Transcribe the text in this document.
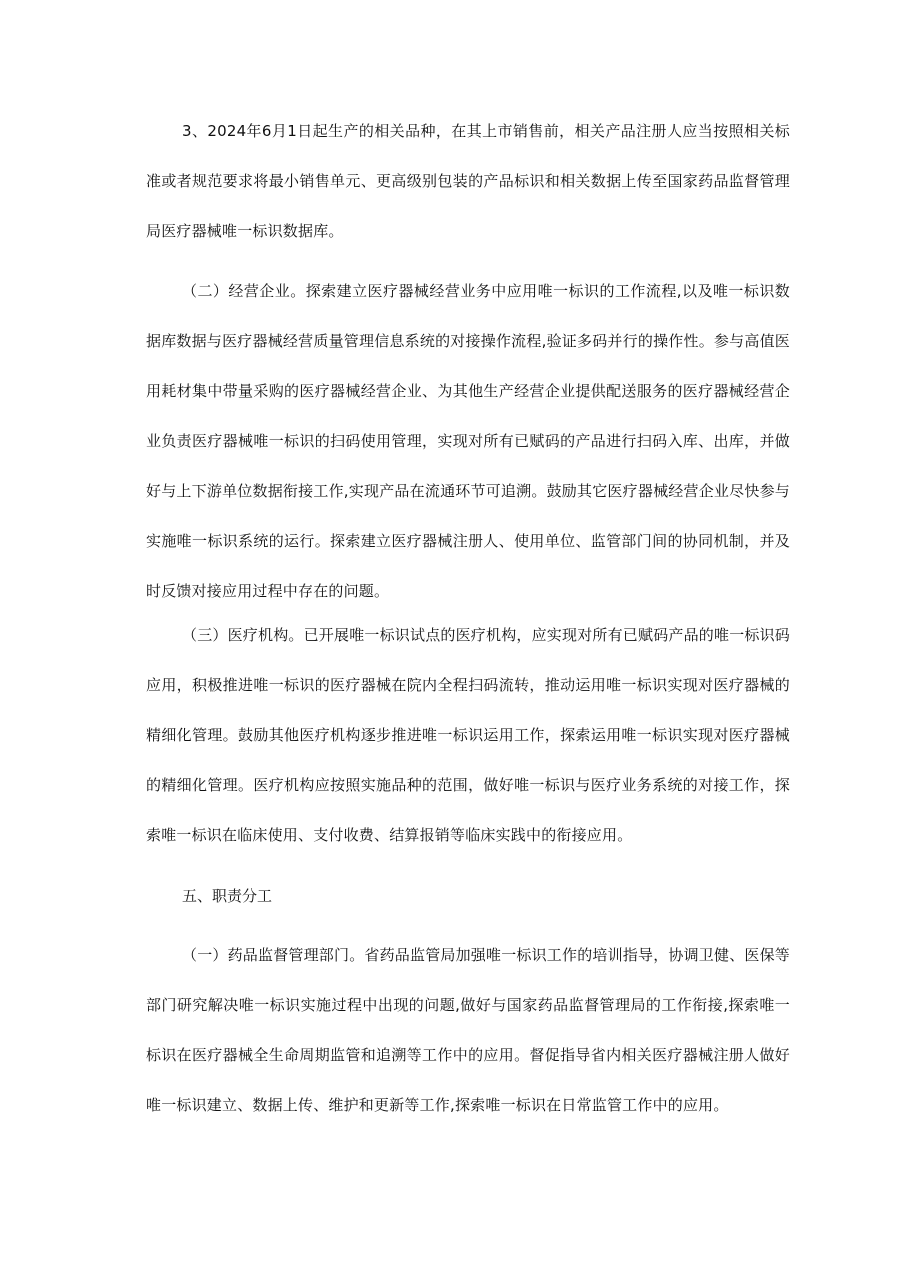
3、2024年6月1日起生产的相关品种，在其上市销售前，相关产品注册人应当按照相关标准或者规范要求将最小销售单元、更高级别包装的产品标识和相关数据上传至国家药品监督管理局医疗器械唯一标识数据库。

（二）经营企业。探索建立医疗器械经营业务中应用唯一标识的工作流程,以及唯一标识数据库数据与医疗器械经营质量管理信息系统的对接操作流程,验证多码并行的操作性。参与高值医用耗材集中带量采购的医疗器械经营企业、为其他生产经营企业提供配送服务的医疗器械经营企业负责医疗器械唯一标识的扫码使用管理，实现对所有已赋码的产品进行扫码入库、出库，并做好与上下游单位数据衔接工作,实现产品在流通环节可追溯。鼓励其它医疗器械经营企业尽快参与实施唯一标识系统的运行。探索建立医疗器械注册人、使用单位、监管部门间的协同机制，并及时反馈对接应用过程中存在的问题。

（三）医疗机构。已开展唯一标识试点的医疗机构，应实现对所有已赋码产品的唯一标识码应用，积极推进唯一标识的医疗器械在院内全程扫码流转，推动运用唯一标识实现对医疗器械的精细化管理。鼓励其他医疗机构逐步推进唯一标识运用工作，探索运用唯一标识实现对医疗器械的精细化管理。医疗机构应按照实施品种的范围，做好唯一标识与医疗业务系统的对接工作，探索唯一标识在临床使用、支付收费、结算报销等临床实践中的衔接应用。

五、职责分工

（一）药品监督管理部门。省药品监管局加强唯一标识工作的培训指导，协调卫健、医保等部门研究解决唯一标识实施过程中出现的问题,做好与国家药品监督管理局的工作衔接,探索唯一标识在医疗器械全生命周期监管和追溯等工作中的应用。督促指导省内相关医疗器械注册人做好唯一标识建立、数据上传、维护和更新等工作,探索唯一标识在日常监管工作中的应用。
